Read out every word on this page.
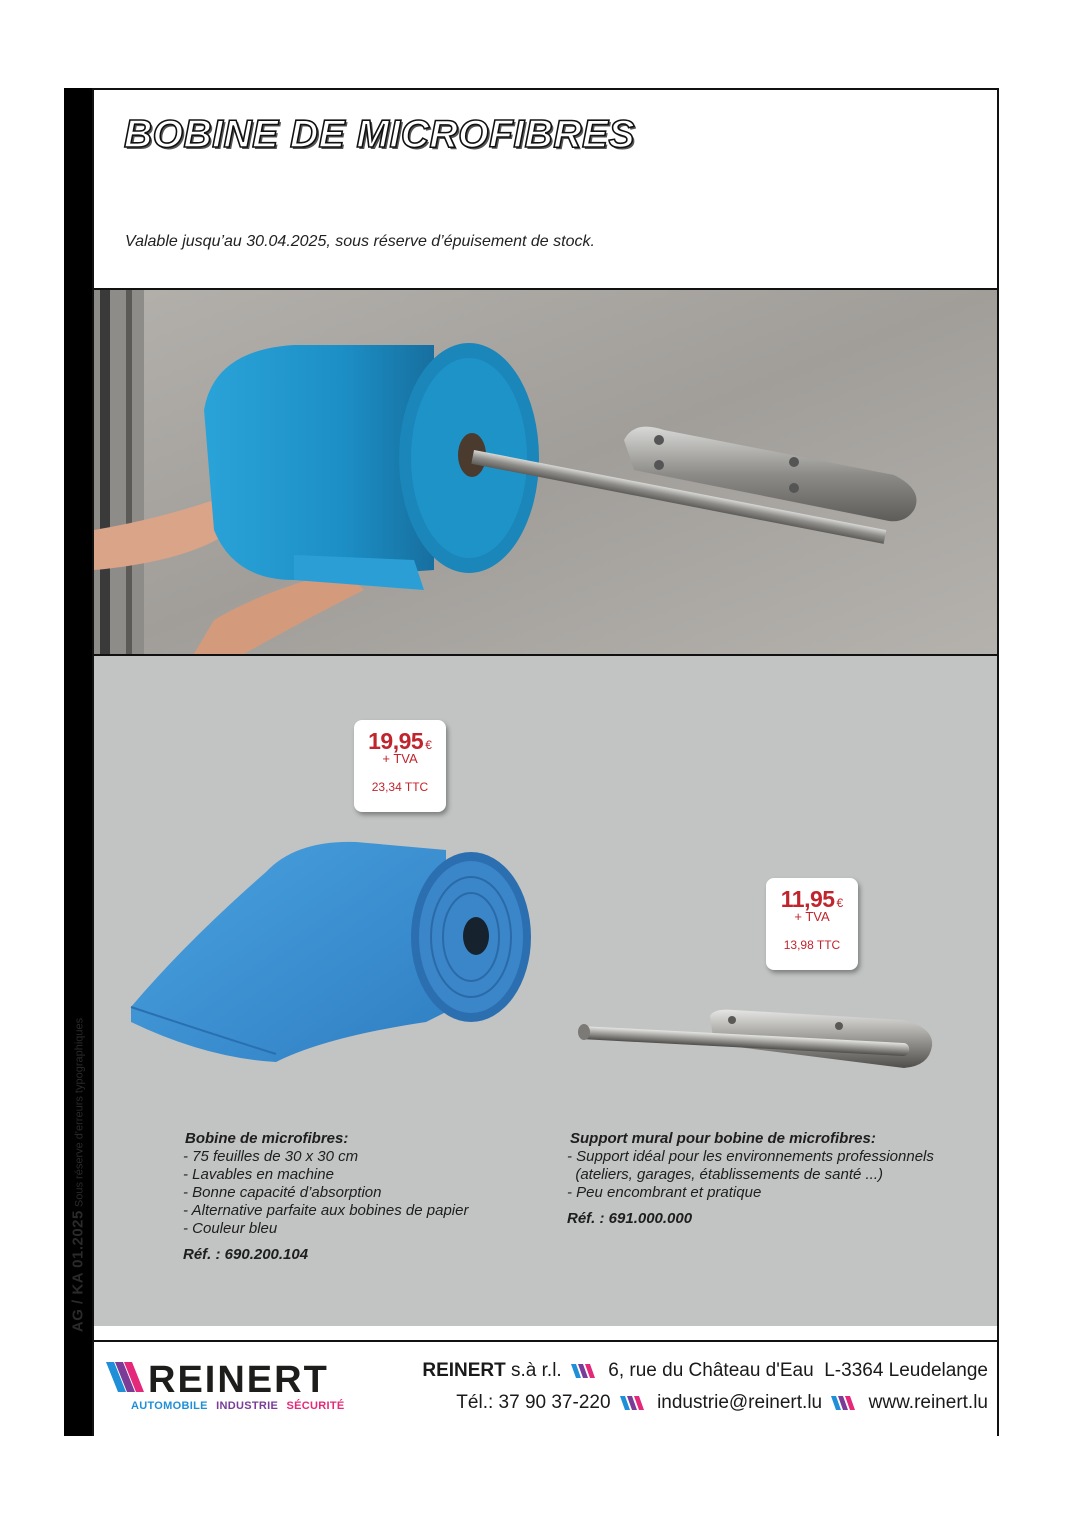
AG / KA 01.2025 Sous réserve d'erreurs typographiques
BOBINE DE MICROFIBRES
Valable jusqu’au 30.04.2025, sous réserve d’épuisement de stock.
19,95 €
+ TVA
23,34 TTC
11,95 €
+ TVA
13,98 TTC
Bobine de microfibres:
- 75 feuilles de 30 x 30 cm
- Lavables en machine
- Bonne capacité d’absorption
- Alternative parfaite aux bobines de papier
- Couleur bleu
Réf. : 690.200.104
Support mural pour bobine de microfibres:
- Support idéal pour les environnements professionnels
(ateliers, garages, établissements de santé ...)
- Peu encombrant et pratique
Réf. : 691.000.000
REINERT
AUTOMOBILE INDUSTRIE SÉCURITÉ
REINERT s.à r.l. 6, rue du Château d'Eau  L-3364 Leudelange
Tél.: 37 90 37-220 industrie@reinert.lu www.reinert.lu
